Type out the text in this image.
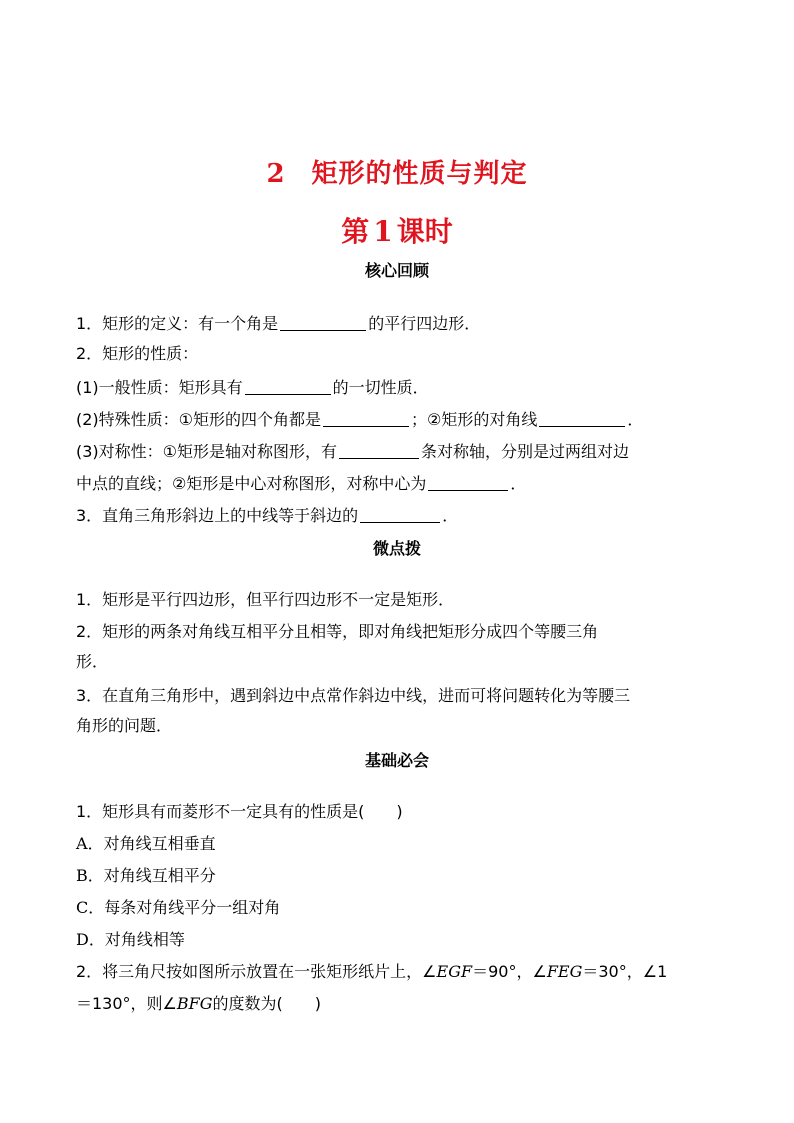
2 矩形的性质与判定
第 1 课时
核心回顾
1．矩形的定义：有一个角是	的平行四边形．
2．矩形的性质：
(1)一般性质：矩形具有	的一切性质．
(2)特殊性质：①矩形的四个角都是	；②矩形的对角线	．
(3)对称性：①矩形是轴对称图形，有	条对称轴，分别是过两组对边
中点的直线；②矩形是中心对称图形，对称中心为	．
3．直角三角形斜边上的中线等于斜边的	．
微点拨
1．矩形是平行四边形，但平行四边形不一定是矩形．
2．矩形的两条对角线互相平分且相等，即对角线把矩形分成四个等腰三角
形．
3．在直角三角形中，遇到斜边中点常作斜边中线，进而可将问题转化为等腰三
角形的问题．
基础必会
1．矩形具有而菱形不一定具有的性质是(　　)
A．对角线互相垂直
B．对角线互相平分
C．每条对角线平分一组对角
D．对角线相等
2．将三角尺按如图所示放置在一张矩形纸片上，∠EGF＝90°，∠FEG＝30°，∠1
＝130°，则∠BFG的度数为(　　)
